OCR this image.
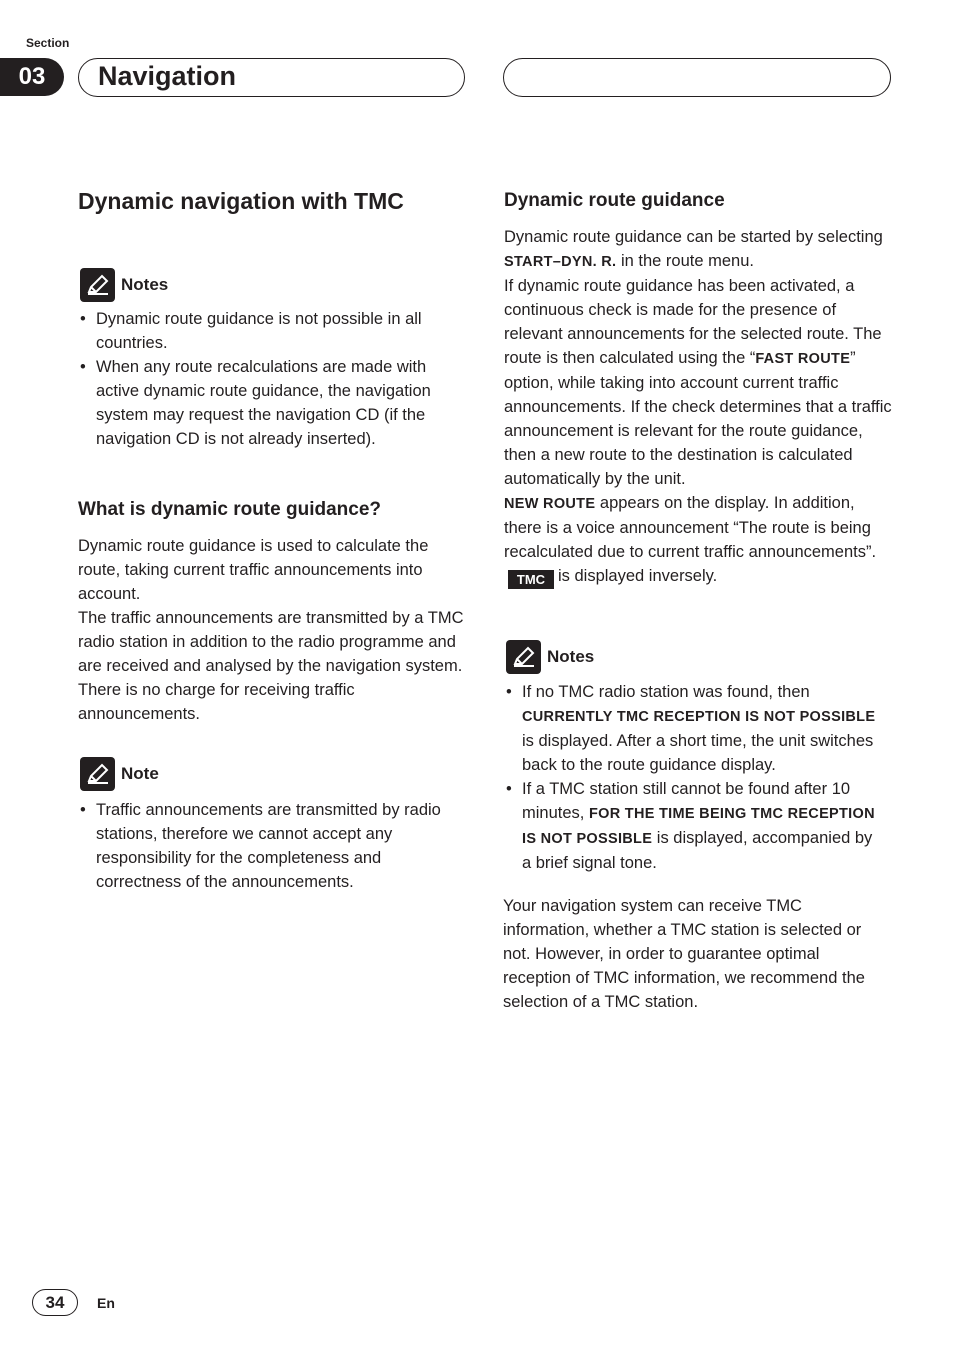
Section
03	Navigation
Dynamic navigation with TMC
Notes
• Dynamic route guidance is not possible in all countries.
• When any route recalculations are made with active dynamic route guidance, the navigation system may request the navigation CD (if the navigation CD is not already inserted).
What is dynamic route guidance?

Dynamic route guidance is used to calculate the route, taking current traffic announcements into account.

The traffic announcements are transmitted by a TMC radio station in addition to the radio programme and are received and analysed by the navigation system. There is no charge for receiving traffic announcements.

Note
• Traffic announcements are transmitted by radio stations, therefore we cannot accept any responsibility for the completeness and correctness of the announcements.
Dynamic route guidance

Dynamic route guidance can be started by selecting START–DYN. R. in the route menu.

If dynamic route guidance has been activated, a continuous check is made for the presence of relevant announcements for the selected route. The route is then calculated using the “FAST ROUTE” option, while taking into account current traffic announcements. If the check determines that a traffic announcement is relevant for the route guidance, then a new route to the destination is calculated automatically by the unit.

NEW ROUTE appears on the display. In addition, there is a voice announcement “The route is being recalculated due to current traffic announcements”.TMC is displayed inversely.

Notes
• If no TMC radio station was found, then CURRENTLY TMC RECEPTION IS NOT POSSIBLE is displayed. After a short time, the unit switches back to the route guidance display.
• If a TMC station still cannot be found after 10 minutes, FOR THE TIME BEING TMC RECEPTION IS NOT POSSIBLE is displayed, accompanied by a brief signal tone.
Your navigation system can receive TMC information, whether a TMC station is selected or not. However, in order to guarantee optimal reception of TMC information, we recommend the selection of a TMC station.
34	En
